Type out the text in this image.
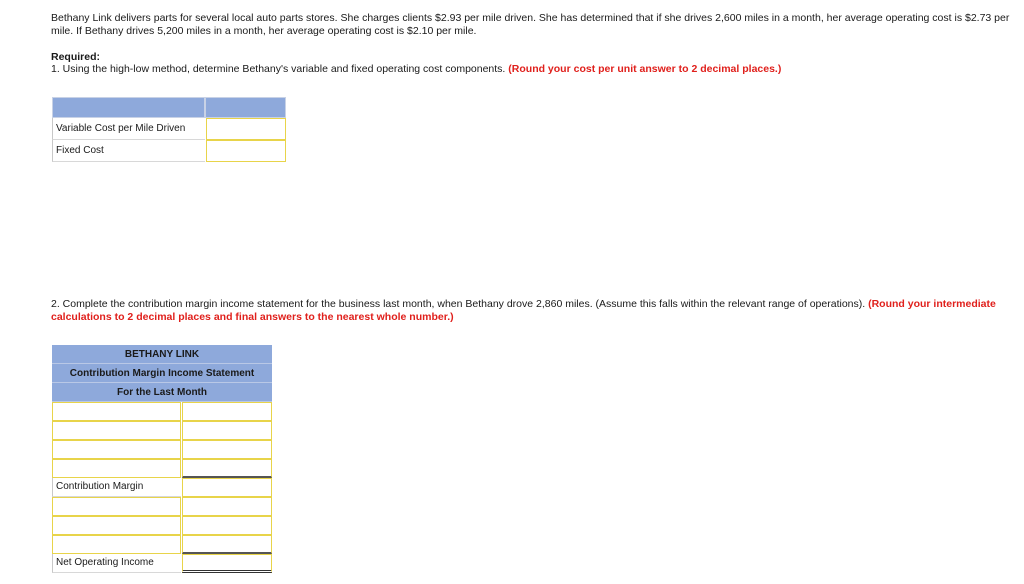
Bethany Link delivers parts for several local auto parts stores. She charges clients $2.93 per mile driven. She has determined that if she drives 2,600 miles in a month, her average operating cost is $2.73 per mile. If Bethany drives 5,200 miles in a month, her average operating cost is $2.10 per mile.

Required:

1. Using the high-low method, determine Bethany's variable and fixed operating cost components. (Round your cost per unit answer to 2 decimal places.)

Variable Cost per Mile Driven
Fixed Cost

2. Complete the contribution margin income statement for the business last month, when Bethany drove 2,860 miles. (Assume this falls within the relevant range of operations). (Round your intermediate calculations to 2 decimal places and final answers to the nearest whole number.)

BETHANY LINK
Contribution Margin Income Statement
For the Last Month
Contribution Margin
Net Operating Income
